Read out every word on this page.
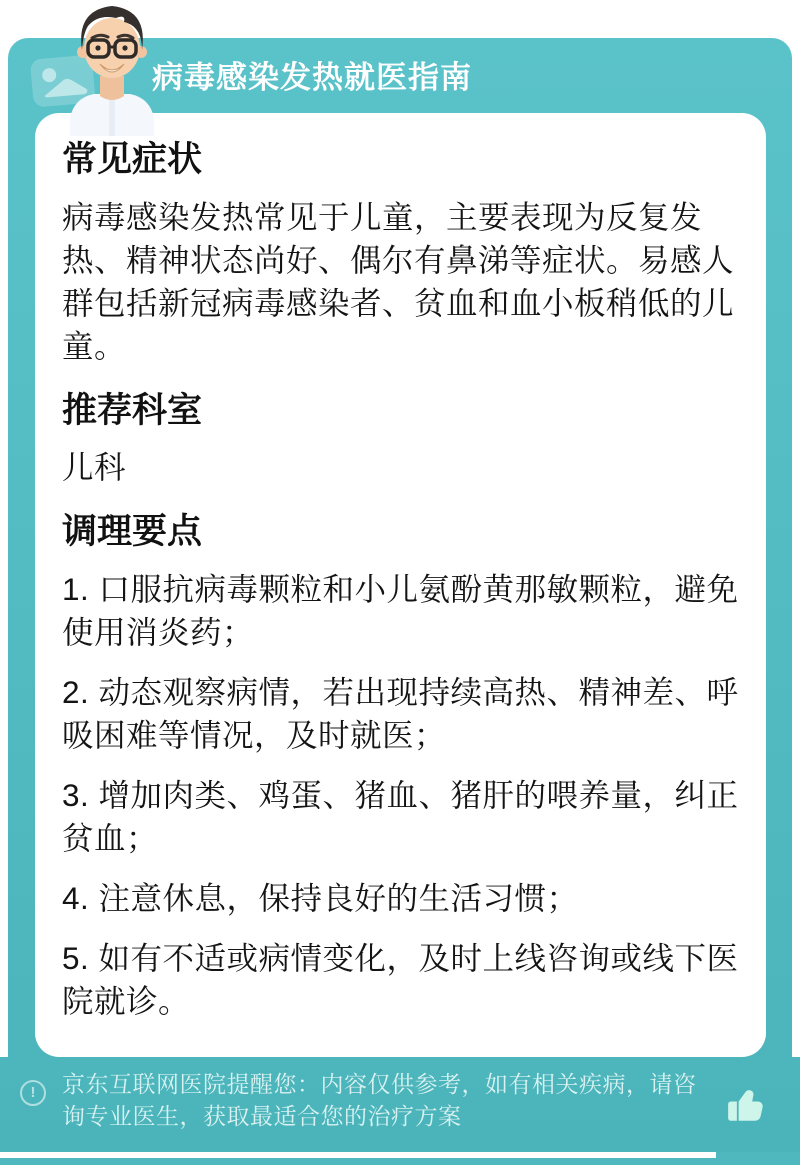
病毒感染发热就医指南
常见症状

病毒感染发热常见于儿童，主要表现为反复发热、精神状态尚好、偶尔有鼻涕等症状。易感人群包括新冠病毒感染者、贫血和血小板稍低的儿童。

推荐科室

儿科

调理要点

1. 口服抗病毒颗粒和小儿氨酚黄那敏颗粒，避免使用消炎药；

2. 动态观察病情，若出现持续高热、精神差、呼吸困难等情况，及时就医；

3. 增加肉类、鸡蛋、猪血、猪肝的喂养量，纠正贫血；

4. 注意休息，保持良好的生活习惯；

5. 如有不适或病情变化，及时上线咨询或线下医院就诊。

!	京东互联网医院提醒您：内容仅供参考，如有相关疾病，请咨询专业医生，获取最适合您的治疗方案
